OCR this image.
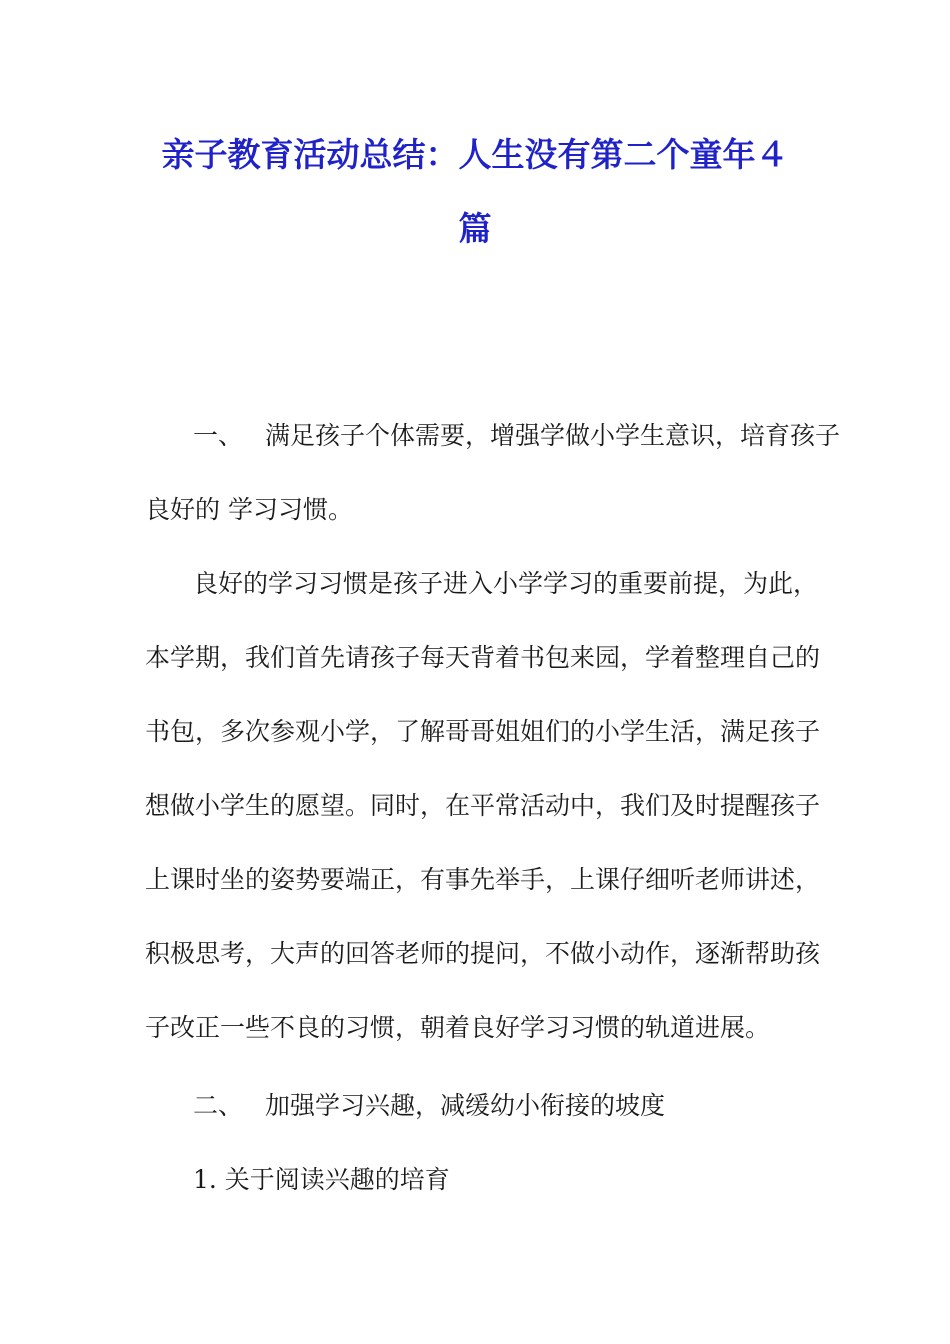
亲子教育活动总结：人生没有第二个童年４
篇
一、 满足孩子个体需要，增强学做小学生意识，培育孩子
良好的 学习习惯。
良好的学习习惯是孩子进入小学学习的重要前提，为此，
本学期，我们首先请孩子每天背着书包来园，学着整理自己的
书包，多次参观小学，了解哥哥姐姐们的小学生活，满足孩子
想做小学生的愿望。同时，在平常活动中，我们及时提醒孩子
上课时坐的姿势要端正，有事先举手，上课仔细听老师讲述，
积极思考，大声的回答老师的提问，不做小动作，逐渐帮助孩
子改正一些不良的习惯，朝着良好学习习惯的轨道进展。
二、 加强学习兴趣，减缓幼小衔接的坡度
1. 关于阅读兴趣的培育
